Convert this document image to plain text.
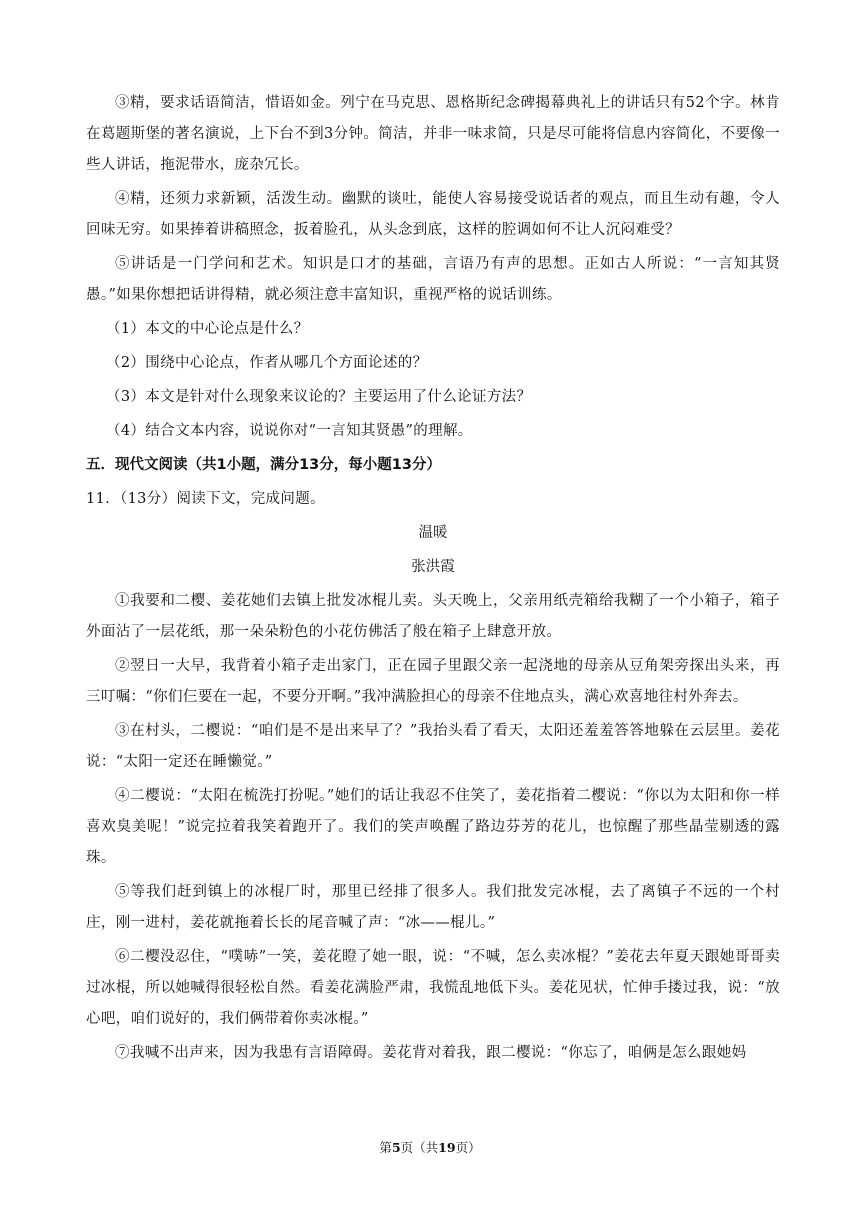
③精，要求话语简洁，惜语如金。列宁在马克思、恩格斯纪念碑揭幕典礼上的讲话只有52个字。林肯在葛题斯堡的著名演说，上下台不到3分钟。简洁，并非一味求简，只是尽可能将信息内容简化，不要像一些人讲话，拖泥带水，庞杂冗长。

④精，还须力求新颖，活泼生动。幽默的谈吐，能使人容易接受说话者的观点，而且生动有趣，令人回味无穷。如果捧着讲稿照念，扳着脸孔，从头念到底，这样的腔调如何不让人沉闷难受？

⑤讲话是一门学问和艺术。知识是口才的基础，言语乃有声的思想。正如古人所说：“一言知其贤愚。”如果你想把话讲得精，就必须注意丰富知识，重视严格的说话训练。

（1）本文的中心论点是什么？

（2）围绕中心论点，作者从哪几个方面论述的？

（3）本文是针对什么现象来议论的？主要运用了什么论证方法？

（4）结合文本内容，说说你对“一言知其贤愚”的理解。

五．现代文阅读（共1小题，满分13分，每小题13分）

11．（13分）阅读下文，完成问题。

温暖

张洪霞

①我要和二樱、姜花她们去镇上批发冰棍儿卖。头天晚上，父亲用纸壳箱给我糊了一个小箱子，箱子外面沾了一层花纸，那一朵朵粉色的小花仿佛活了般在箱子上肆意开放。

②翌日一大早，我背着小箱子走出家门，正在园子里跟父亲一起浇地的母亲从豆角架旁探出头来，再三叮嘱：“你们仨要在一起，不要分开啊。”我冲满脸担心的母亲不住地点头，满心欢喜地往村外奔去。

③在村头，二樱说：“咱们是不是出来早了？”我抬头看了看天，太阳还羞羞答答地躲在云层里。姜花说：“太阳一定还在睡懒觉。”

④二樱说：“太阳在梳洗打扮呢。”她们的话让我忍不住笑了，姜花指着二樱说：“你以为太阳和你一样喜欢臭美呢！”说完拉着我笑着跑开了。我们的笑声唤醒了路边芬芳的花儿，也惊醒了那些晶莹剔透的露珠。

⑤等我们赶到镇上的冰棍厂时，那里已经排了很多人。我们批发完冰棍，去了离镇子不远的一个村庄，刚一进村，姜花就拖着长长的尾音喊了声：“冰——棍儿。”

⑥二樱没忍住，“噗哧”一笑，姜花瞪了她一眼，说：“不喊，怎么卖冰棍？”姜花去年夏天跟她哥哥卖过冰棍，所以她喊得很轻松自然。看姜花满脸严肃，我慌乱地低下头。姜花见状，忙伸手搂过我，说：“放心吧，咱们说好的，我们俩带着你卖冰棍。”

⑦我喊不出声来，因为我患有言语障碍。姜花背对着我，跟二樱说：“你忘了，咱俩是怎么跟她妈

第5页（共19页）
